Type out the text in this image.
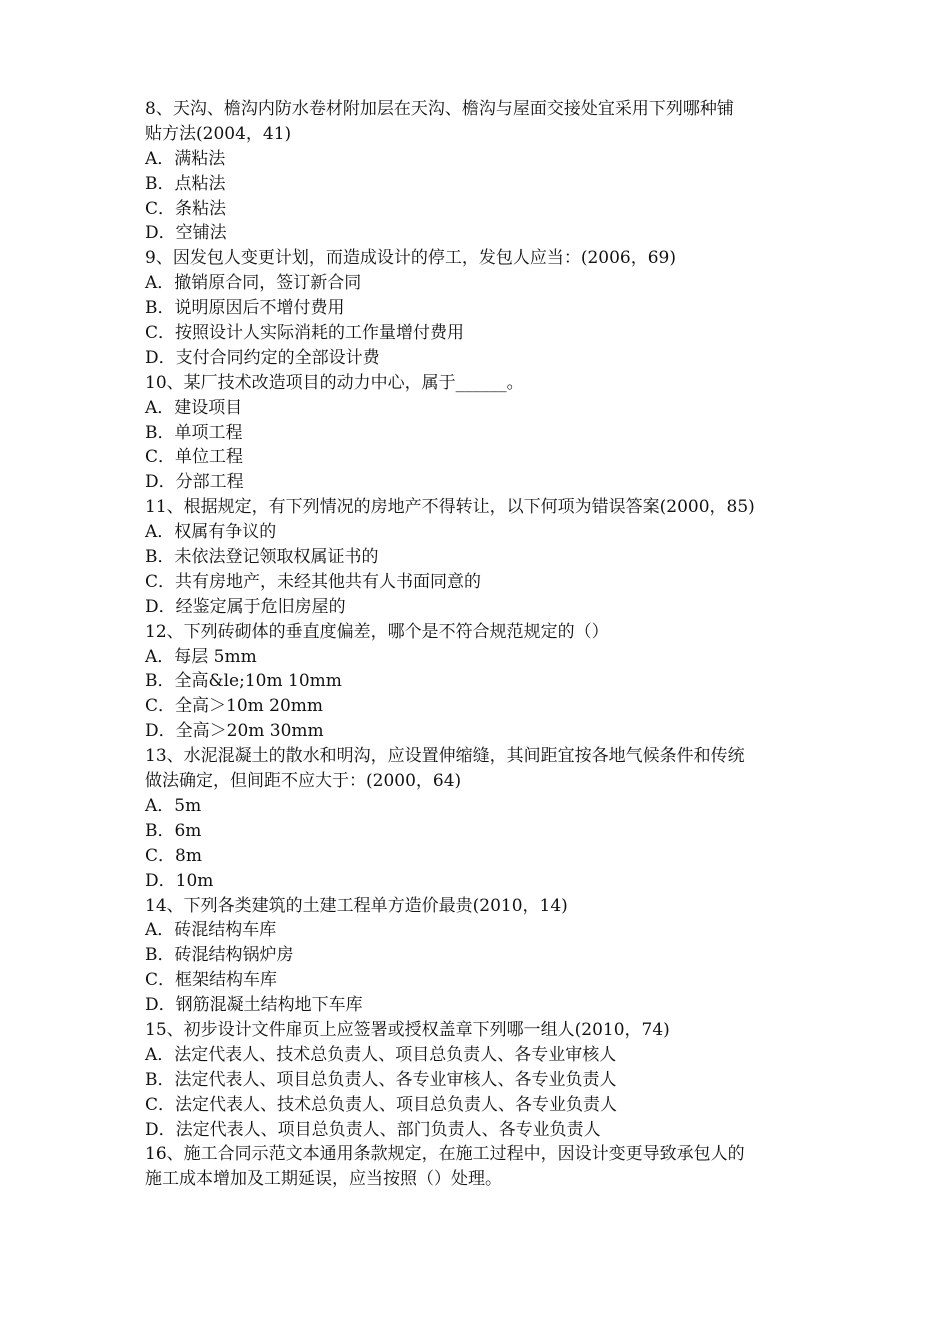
8、天沟、檐沟内防水卷材附加层在天沟、檐沟与屋面交接处宜采用下列哪种铺
贴方法(2004，41)
A．满粘法
B．点粘法
C．条粘法
D．空铺法
9、因发包人变更计划，而造成设计的停工，发包人应当：(2006，69)
A．撤销原合同，签订新合同
B．说明原因后不增付费用
C．按照设计人实际消耗的工作量增付费用
D．支付合同约定的全部设计费
10、某厂技术改造项目的动力中心，属于______。
A．建设项目
B．单项工程
C．单位工程
D．分部工程
11、根据规定，有下列情况的房地产不得转让，以下何项为错误答案(2000，85)
A．权属有争议的
B．未依法登记领取权属证书的
C．共有房地产，未经其他共有人书面同意的
D．经鉴定属于危旧房屋的
12、下列砖砌体的垂直度偏差，哪个是不符合规范规定的（）
A．每层 5mm
B．全高&le;10m 10mm
C．全高＞10m 20mm
D．全高＞20m 30mm
13、水泥混凝土的散水和明沟，应设置伸缩缝，其间距宜按各地气候条件和传统
做法确定，但间距不应大于：(2000，64)
A．5m
B．6m
C．8m
D．10m
14、下列各类建筑的土建工程单方造价最贵(2010，14)
A．砖混结构车库
B．砖混结构锅炉房
C．框架结构车库
D．钢筋混凝土结构地下车库
15、初步设计文件扉页上应签署或授权盖章下列哪一组人(2010，74)
A．法定代表人、技术总负责人、项目总负责人、各专业审核人
B．法定代表人、项目总负责人、各专业审核人、各专业负责人
C．法定代表人、技术总负责人、项目总负责人、各专业负责人
D．法定代表人、项目总负责人、部门负责人、各专业负责人
16、施工合同示范文本通用条款规定，在施工过程中，因设计变更导致承包人的
施工成本增加及工期延误，应当按照（）处理。
